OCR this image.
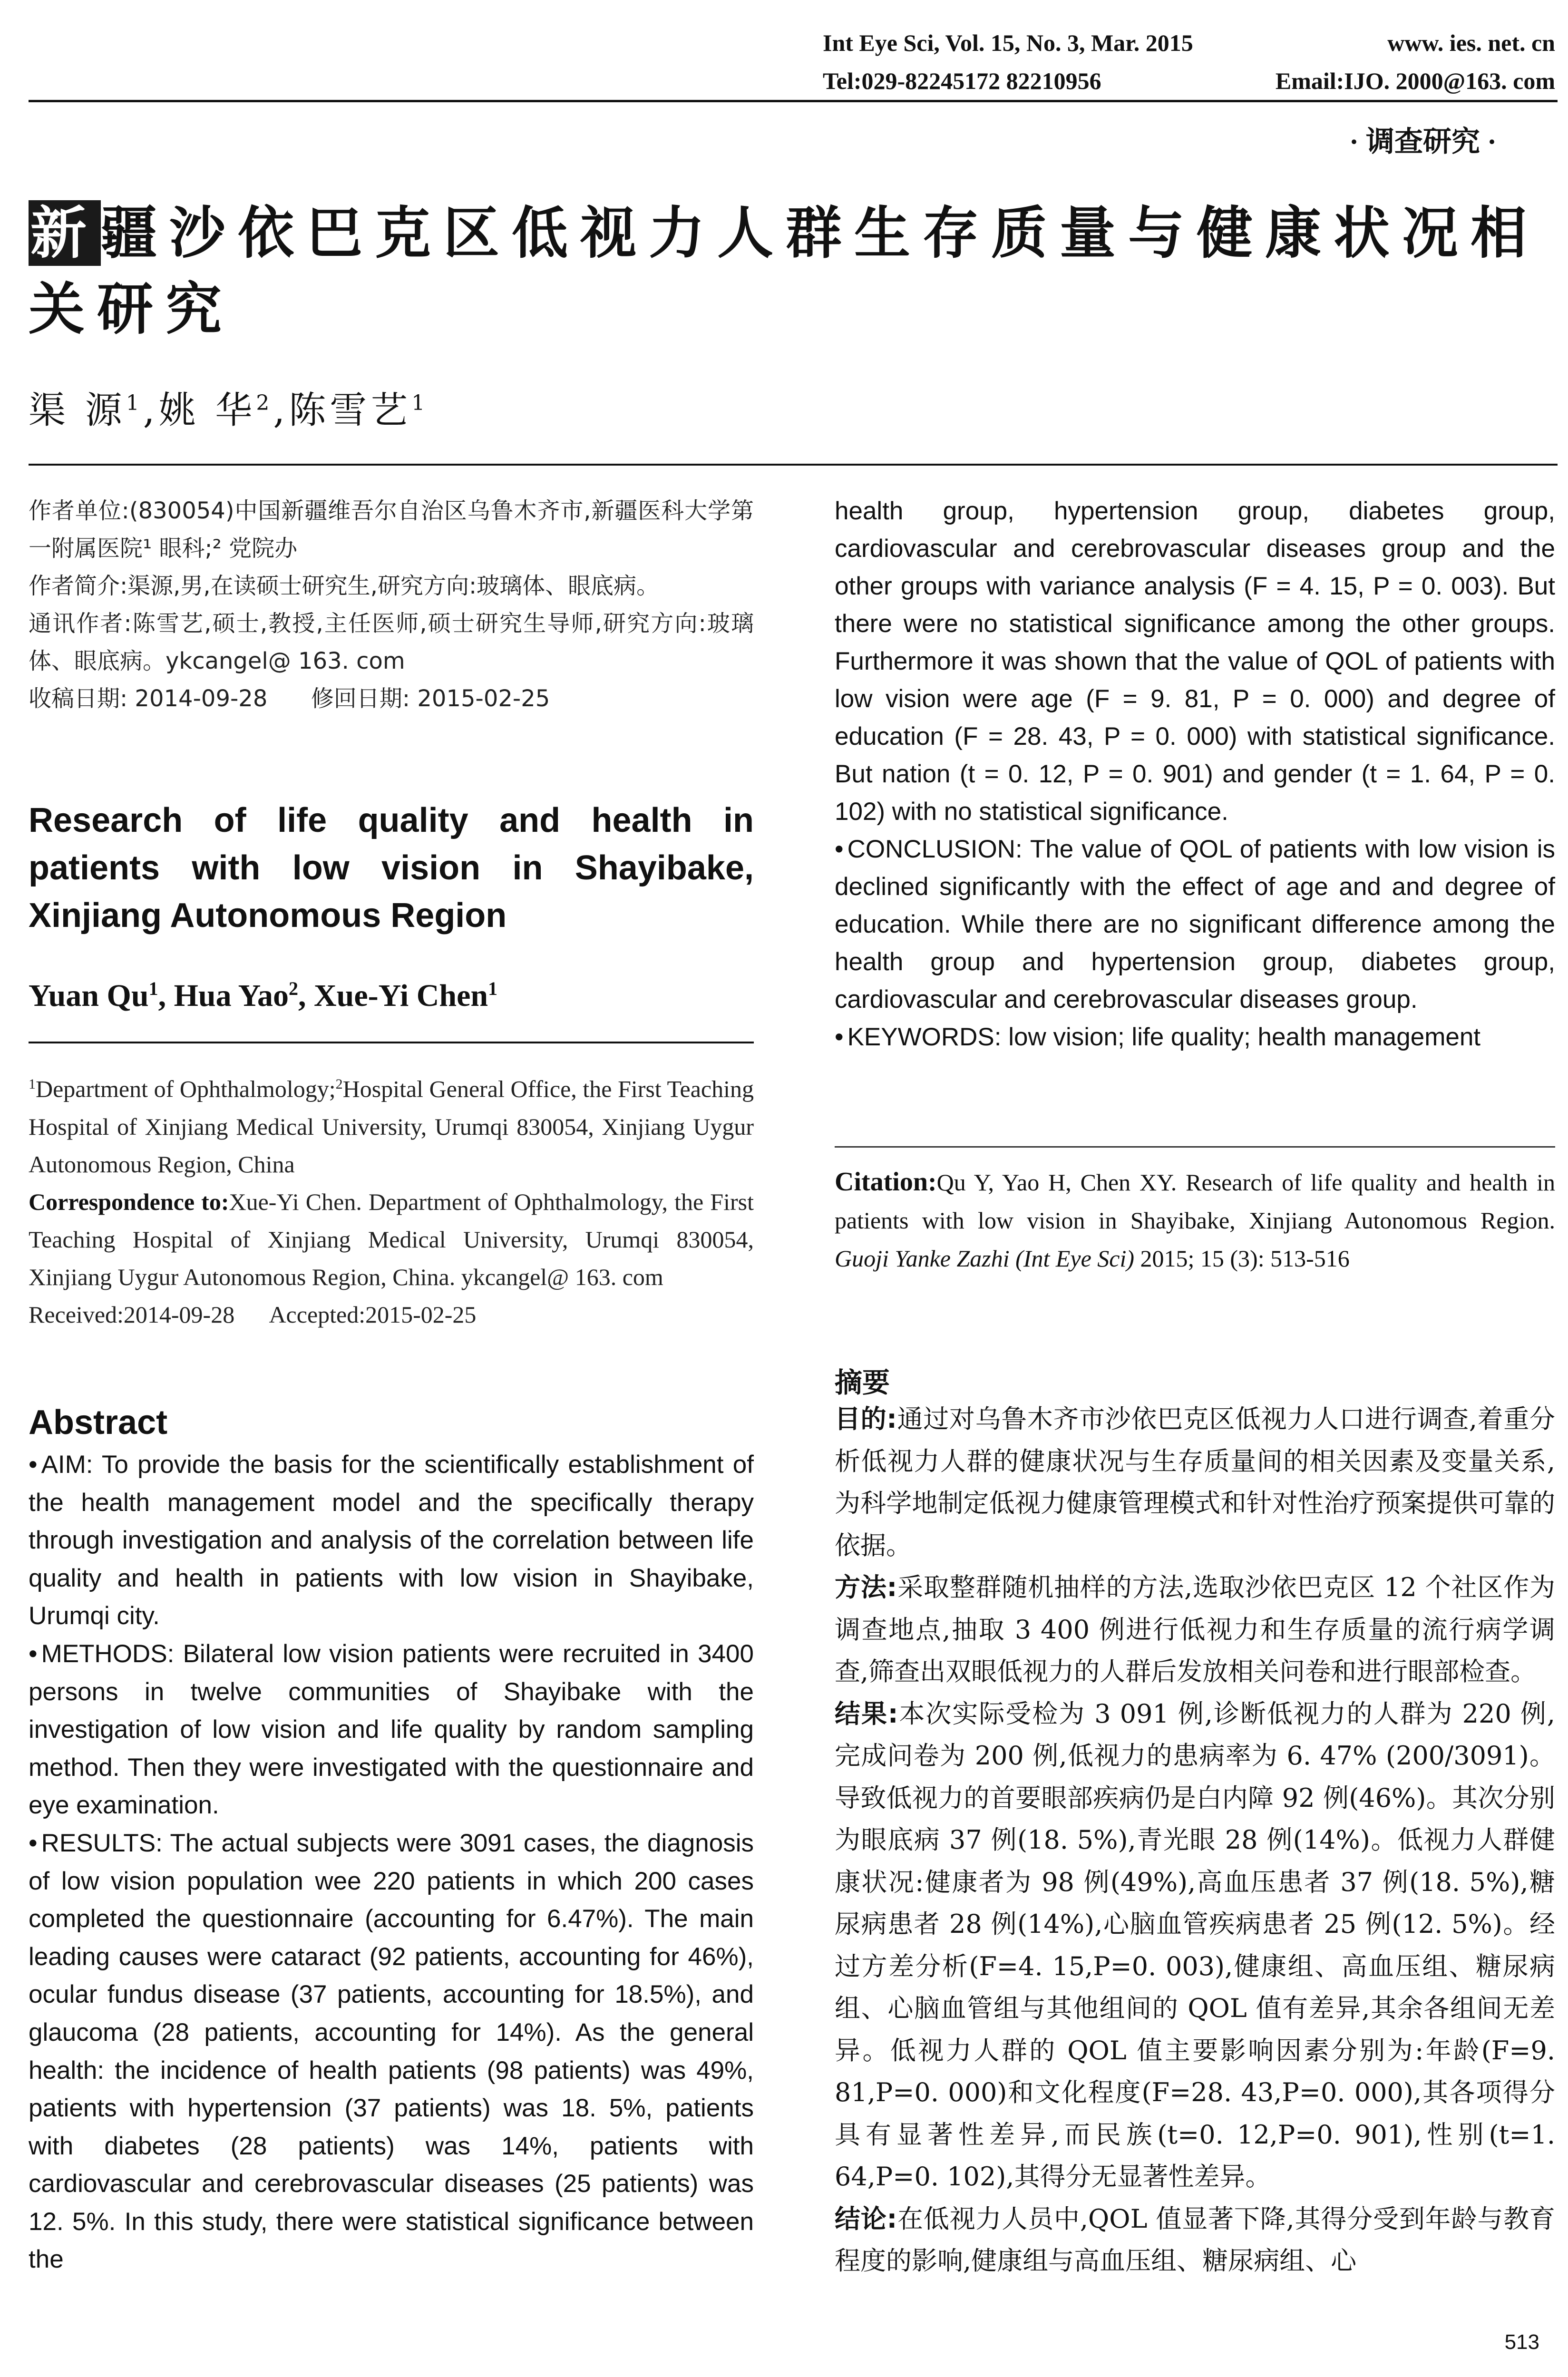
Int Eye Sci, Vol. 15, No. 3, Mar. 2015	www. ies. net. cn
Tel:029-82245172 82210956	Email:IJO. 2000@163. com
· 调查研究 ·
新疆沙依巴克区低视力人群生存质量与健康状况相关研究
渠 源$^1$,姚 华$^2$,陈雪艺$^1$

作者单位:(830054)中国新疆维吾尔自治区乌鲁木齐市,新疆医科大学第一附属医院¹ 眼科;² 党院办

作者简介:渠源,男,在读硕士研究生,研究方向:玻璃体、眼底病。

通讯作者:陈雪艺,硕士,教授,主任医师,硕士研究生导师,研究方向:玻璃体、眼底病。ykcangel@ 163. com

收稿日期: 2014-09-28      修回日期: 2015-02-25

Research of life quality and health in patients with low vision in Shayibake, Xinjiang Autonomous Region
Yuan Qu$^1$, Hua Yao$^2$, Xue-Yi Chen$^1$

$^1$Department of Ophthalmology;$^2$Hospital General Office, the First Teaching Hospital of Xinjiang Medical University, Urumqi 830054, Xinjiang Uygur Autonomous Region, China

Correspondence to:Xue-Yi Chen. Department of Ophthalmology, the First Teaching Hospital of Xinjiang Medical University, Urumqi 830054, Xinjiang Uygur Autonomous Region, China. ykcangel@ 163. com

Received:2014-09-28      Accepted:2015-02-25

Abstract

• AIM: To provide the basis for the scientifically establishment of the health management model and the specifically therapy through investigation and analysis of the correlation between life quality and health in patients with low vision in Shayibake, Urumqi city.

• METHODS: Bilateral low vision patients were recruited in 3400 persons in twelve communities of Shayibake with the investigation of low vision and life quality by random sampling method. Then they were investigated with the questionnaire and eye examination.

• RESULTS: The actual subjects were 3091 cases, the diagnosis of low vision population wee 220 patients in which 200 cases completed the questionnaire (accounting for 6.47%). The main leading causes were cataract (92 patients, accounting for 46%), ocular fundus disease (37 patients, accounting for 18.5%), and glaucoma (28 patients, accounting for 14%). As the general health: the incidence of health patients (98 patients) was 49%, patients with hypertension (37 patients) was 18. 5%, patients with diabetes (28 patients) was 14%, patients with cardiovascular and cerebrovascular diseases (25 patients) was 12. 5%. In this study, there were statistical significance between the

health group, hypertension group, diabetes group, cardiovascular and cerebrovascular diseases group and the other groups with variance analysis (F = 4. 15, P = 0. 003). But there were no statistical significance among the other groups. Furthermore it was shown that the value of QOL of patients with low vision were age (F = 9. 81, P = 0. 000) and degree of education (F = 28. 43, P = 0. 000) with statistical significance. But nation (t = 0. 12, P = 0. 901) and gender (t = 1. 64, P = 0. 102) with no statistical significance.

• CONCLUSION: The value of QOL of patients with low vision is declined significantly with the effect of age and and degree of education. While there are no significant difference among the health group and hypertension group, diabetes group, cardiovascular and cerebrovascular diseases group.

• KEYWORDS: low vision; life quality; health management

Citation:Qu Y, Yao H, Chen XY. Research of life quality and health in patients with low vision in Shayibake, Xinjiang Autonomous Region. Guoji Yanke Zazhi (Int Eye Sci) 2015; 15 (3): 513-516
摘要

目的:通过对乌鲁木齐市沙依巴克区低视力人口进行调查,着重分析低视力人群的健康状况与生存质量间的相关因素及变量关系,为科学地制定低视力健康管理模式和针对性治疗预案提供可靠的依据。

方法:采取整群随机抽样的方法,选取沙依巴克区 12 个社区作为调查地点,抽取 3 400 例进行低视力和生存质量的流行病学调查,筛查出双眼低视力的人群后发放相关问卷和进行眼部检查。

结果:本次实际受检为 3 091 例,诊断低视力的人群为 220 例,完成问卷为 200 例,低视力的患病率为 6. 47% (200/3091)。导致低视力的首要眼部疾病仍是白内障 92 例(46%)。其次分别为眼底病 37 例(18. 5%),青光眼 28 例(14%)。低视力人群健康状况:健康者为 98 例(49%),高血压患者 37 例(18. 5%),糖尿病患者 28 例(14%),心脑血管疾病患者 25 例(12. 5%)。经过方差分析(F=4. 15,P=0. 003),健康组、高血压组、糖尿病组、心脑血管组与其他组间的 QOL 值有差异,其余各组间无差异。低视力人群的 QOL 值主要影响因素分别为:年龄(F=9. 81,P=0. 000)和文化程度(F=28. 43,P=0. 000),其各项得分具有显著性差异,而民族(t=0. 12,P=0. 901),性别(t=1. 64,P=0. 102),其得分无显著性差异。

结论:在低视力人员中,QOL 值显著下降,其得分受到年龄与教育程度的影响,健康组与高血压组、糖尿病组、心

513
